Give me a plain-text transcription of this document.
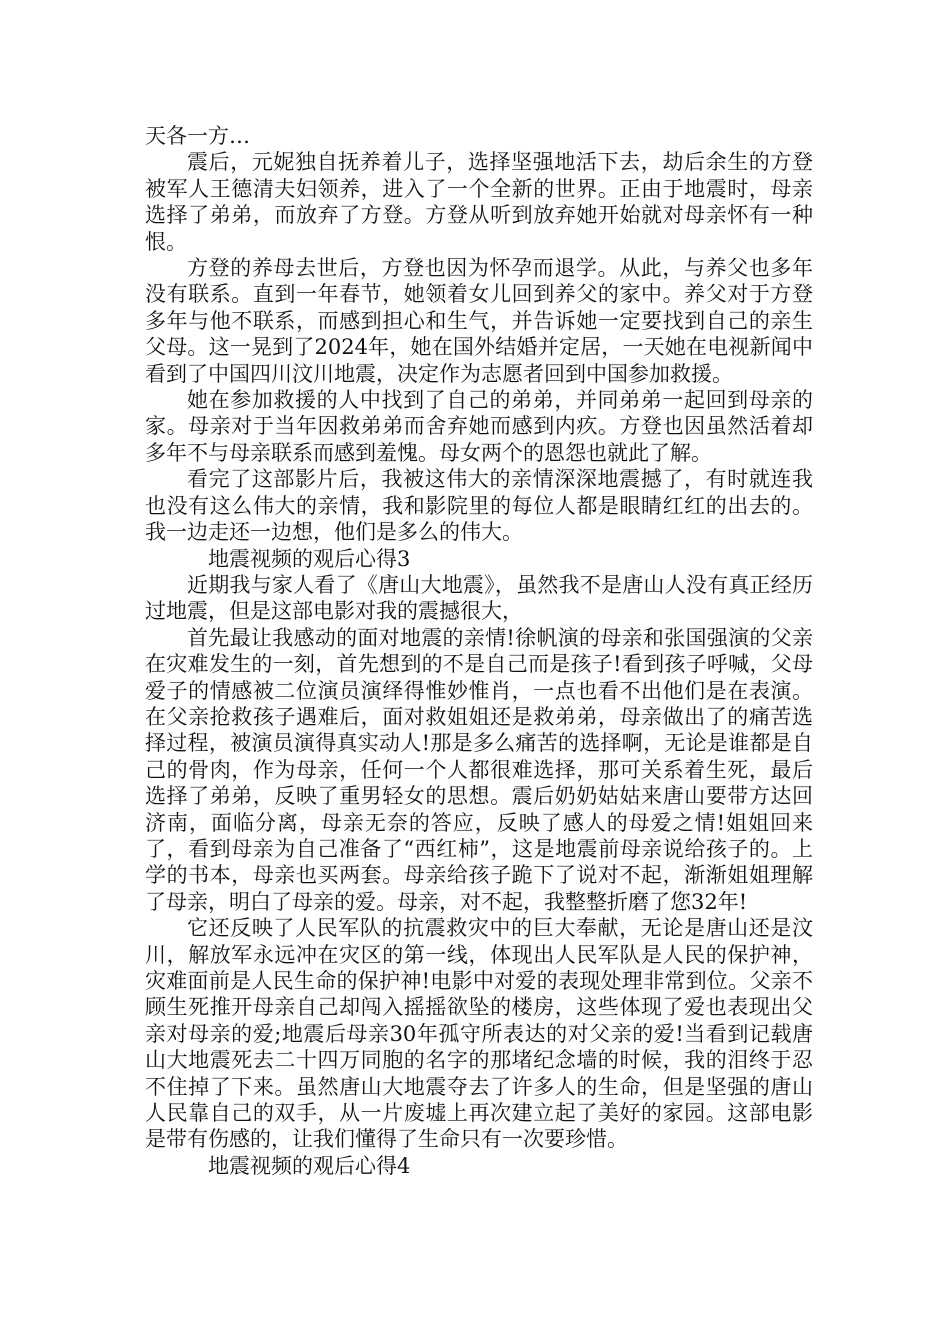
天各一方…

震后，元妮独自抚养着儿子，选择坚强地活下去，劫后余生的方登被军人王德清夫妇领养，进入了一个全新的世界。正由于地震时，母亲选择了弟弟，而放弃了方登。方登从听到放弃她开始就对母亲怀有一种恨。

方登的养母去世后，方登也因为怀孕而退学。从此，与养父也多年没有联系。直到一年春节，她领着女儿回到养父的家中。养父对于方登多年与他不联系，而感到担心和生气，并告诉她一定要找到自己的亲生父母。这一晃到了2024年，她在国外结婚并定居，一天她在电视新闻中看到了中国四川汶川地震，决定作为志愿者回到中国参加救援。

她在参加救援的人中找到了自己的弟弟，并同弟弟一起回到母亲的家。母亲对于当年因救弟弟而舍弃她而感到内疚。方登也因虽然活着却多年不与母亲联系而感到羞愧。母女两个的恩怨也就此了解。

看完了这部影片后，我被这伟大的亲情深深地震撼了，有时就连我也没有这么伟大的亲情，我和影院里的每位人都是眼睛红红的出去的。我一边走还一边想，他们是多么的伟大。

地震视频的观后心得3

近期我与家人看了《唐山大地震》，虽然我不是唐山人没有真正经历过地震，但是这部电影对我的震撼很大，

首先最让我感动的面对地震的亲情!徐帆演的母亲和张国强演的父亲在灾难发生的一刻，首先想到的不是自己而是孩子!看到孩子呼喊，父母爱子的情感被二位演员演绎得惟妙惟肖，一点也看不出他们是在表演。在父亲抢救孩子遇难后，面对救姐姐还是救弟弟，母亲做出了的痛苦选择过程，被演员演得真实动人!那是多么痛苦的选择啊，无论是谁都是自己的骨肉，作为母亲，任何一个人都很难选择，那可关系着生死，最后选择了弟弟，反映了重男轻女的思想。震后奶奶姑姑来唐山要带方达回济南，面临分离，母亲无奈的答应，反映了感人的母爱之情!姐姐回来了，看到母亲为自己准备了“西红柿”，这是地震前母亲说给孩子的。上学的书本，母亲也买两套。母亲给孩子跪下了说对不起，渐渐姐姐理解了母亲，明白了母亲的爱。母亲，对不起，我整整折磨了您32年!

它还反映了人民军队的抗震救灾中的巨大奉献，无论是唐山还是汶川，解放军永远冲在灾区的第一线，体现出人民军队是人民的保护神，灾难面前是人民生命的保护神!电影中对爱的表现处理非常到位。父亲不顾生死推开母亲自己却闯入摇摇欲坠的楼房，这些体现了爱也表现出父亲对母亲的爱;地震后母亲30年孤守所表达的对父亲的爱!当看到记载唐山大地震死去二十四万同胞的名字的那堵纪念墙的时候，我的泪终于忍不住掉了下来。虽然唐山大地震夺去了许多人的生命，但是坚强的唐山人民靠自己的双手，从一片废墟上再次建立起了美好的家园。这部电影是带有伤感的，让我们懂得了生命只有一次要珍惜。

地震视频的观后心得4
